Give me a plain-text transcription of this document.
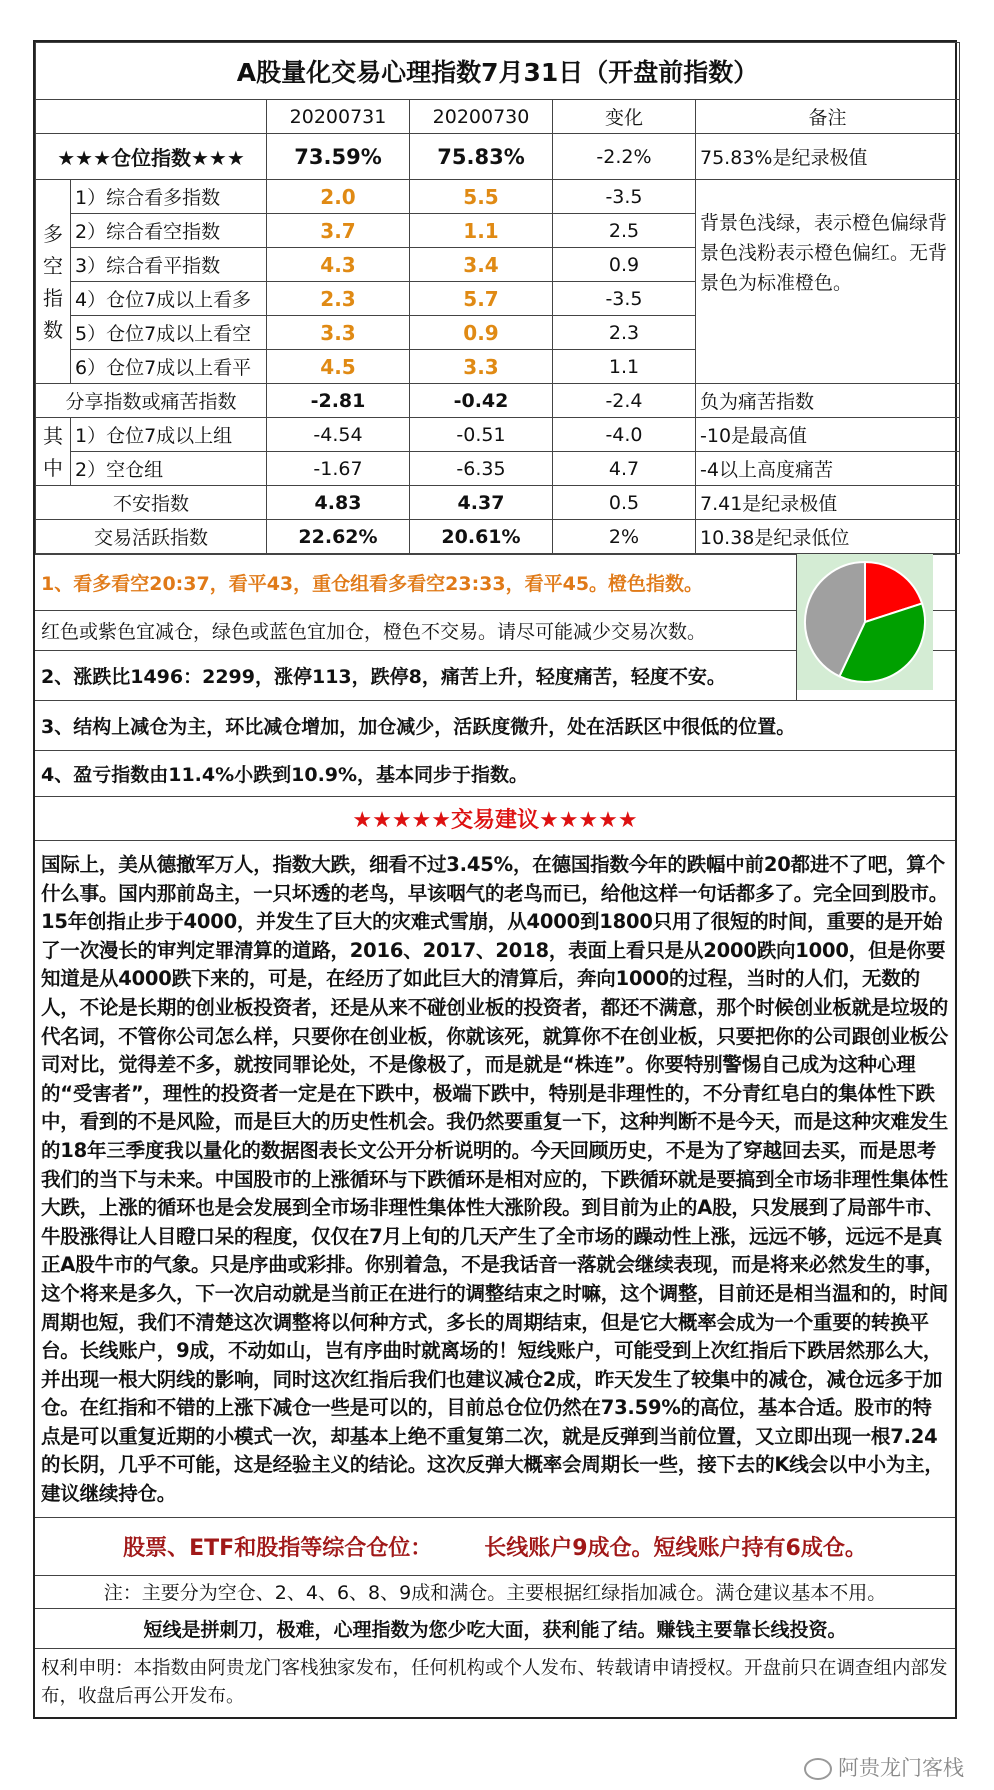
A股量化交易心理指数7月31日（开盘前指数）					
		20200731	20200730	变化	备注
★★★仓位指数★★★		73.59%	75.83%	-2.2%	75.83%是纪录极值
多
空
指
数	1）综合看多指数	2.0	5.5	-3.5	背景色浅绿，表示橙色偏绿背景色浅粉表示橙色偏红。无背景色为标准橙色。
	2）综合看空指数	3.7	1.1	2.5	
	3）综合看平指数	4.3	3.4	0.9	
	4）仓位7成以上看多	2.3	5.7	-3.5	
	5）仓位7成以上看空	3.3	0.9	2.3	
	6）仓位7成以上看平	4.5	3.3	1.1	
分享指数或痛苦指数		-2.81	-0.42	-2.4	负为痛苦指数
其
中	1）仓位7成以上组	-4.54	-0.51	-4.0	-10是最高值
	2）空仓组	-1.67	-6.35	4.7	-4以上高度痛苦
不安指数		4.83	4.37	0.5	7.41是纪录极值
交易活跃指数		22.62%	20.61%	2%	10.38是纪录低位
1、看多看空20:37，看平43，重仓组看多看空23:33，看平45。橙色指数。
红色或紫色宜减仓，绿色或蓝色宜加仓，橙色不交易。请尽可能减少交易次数。
2、涨跌比1496：2299，涨停113，跌停8，痛苦上升，轻度痛苦，轻度不安。
3、结构上减仓为主，环比减仓增加，加仓减少，活跃度微升，处在活跃区中很低的位置。
4、盈亏指数由11.4%小跌到10.9%，基本同步于指数。
★★★★★交易建议★★★★★
国际上，美从德撤军万人，指数大跌，细看不过3.45%，在德国指数今年的跌幅中前20都进不了吧，算个什么事。国内那前岛主，一只坏透的老鸟，早该咽气的老鸟而已，给他这样一句话都多了。完全回到股市。15年创指止步于4000，并发生了巨大的灾难式雪崩，从4000到1800只用了很短的时间，重要的是开始了一次漫长的审判定罪清算的道路，2016、2017、2018，表面上看只是从2000跌向1000，但是你要知道是从4000跌下来的，可是，在经历了如此巨大的清算后，奔向1000的过程，当时的人们，无数的人，不论是长期的创业板投资者，还是从来不碰创业板的投资者，都还不满意，那个时候创业板就是垃圾的代名词，不管你公司怎么样，只要你在创业板，你就该死，就算你不在创业板，只要把你的公司跟创业板公司对比，觉得差不多，就按同罪论处，不是像极了，而是就是“株连”。你要特别警惕自己成为这种心理的“受害者”，理性的投资者一定是在下跌中，极端下跌中，特别是非理性的，不分青红皂白的集体性下跌中，看到的不是风险，而是巨大的历史性机会。我仍然要重复一下，这种判断不是今天，而是这种灾难发生的18年三季度我以量化的数据图表长文公开分析说明的。今天回顾历史，不是为了穿越回去买，而是思考我们的当下与未来。中国股市的上涨循环与下跌循环是相对应的，下跌循环就是要搞到全市场非理性集体性大跌，上涨的循环也是会发展到全市场非理性集体性大涨阶段。到目前为止的A股，只发展到了局部牛市、牛股涨得让人目瞪口呆的程度，仅仅在7月上旬的几天产生了全市场的躁动性上涨，远远不够，远远不是真正A股牛市的气象。只是序曲或彩排。你别着急，不是我话音一落就会继续表现，而是将来必然发生的事，这个将来是多久，下一次启动就是当前正在进行的调整结束之时嘛，这个调整，目前还是相当温和的，时间周期也短，我们不清楚这次调整将以何种方式，多长的周期结束，但是它大概率会成为一个重要的转换平台。长线账户，9成，不动如山，岂有序曲时就离场的！短线账户，可能受到上次红指后下跌居然那么大，并出现一根大阴线的影响，同时这次红指后我们也建议减仓2成，昨天发生了较集中的减仓，减仓远多于加仓。在红指和不错的上涨下减仓一些是可以的，目前总仓位仍然在73.59%的高位，基本合适。股市的特点是可以重复近期的小模式一次，却基本上绝不重复第二次，就是反弹到当前位置，又立即出现一根7.24的长阴，几乎不可能，这是经验主义的结论。这次反弹大概率会周期长一些，接下去的K线会以中小为主，建议继续持仓。
股票、ETF和股指等综合仓位： 长线账户9成仓。短线账户持有6成仓。
注：主要分为空仓、2、4、6、8、9成和满仓。主要根据红绿指加减仓。满仓建议基本不用。
短线是拼刺刀，极难，心理指数为您少吃大面，获利能了结。赚钱主要靠长线投资。
权利申明：本指数由阿贵龙门客栈独家发布，任何机构或个人发布、转载请申请授权。开盘前只在调查组内部发布，收盘后再公开发布。
阿贵龙门客栈
